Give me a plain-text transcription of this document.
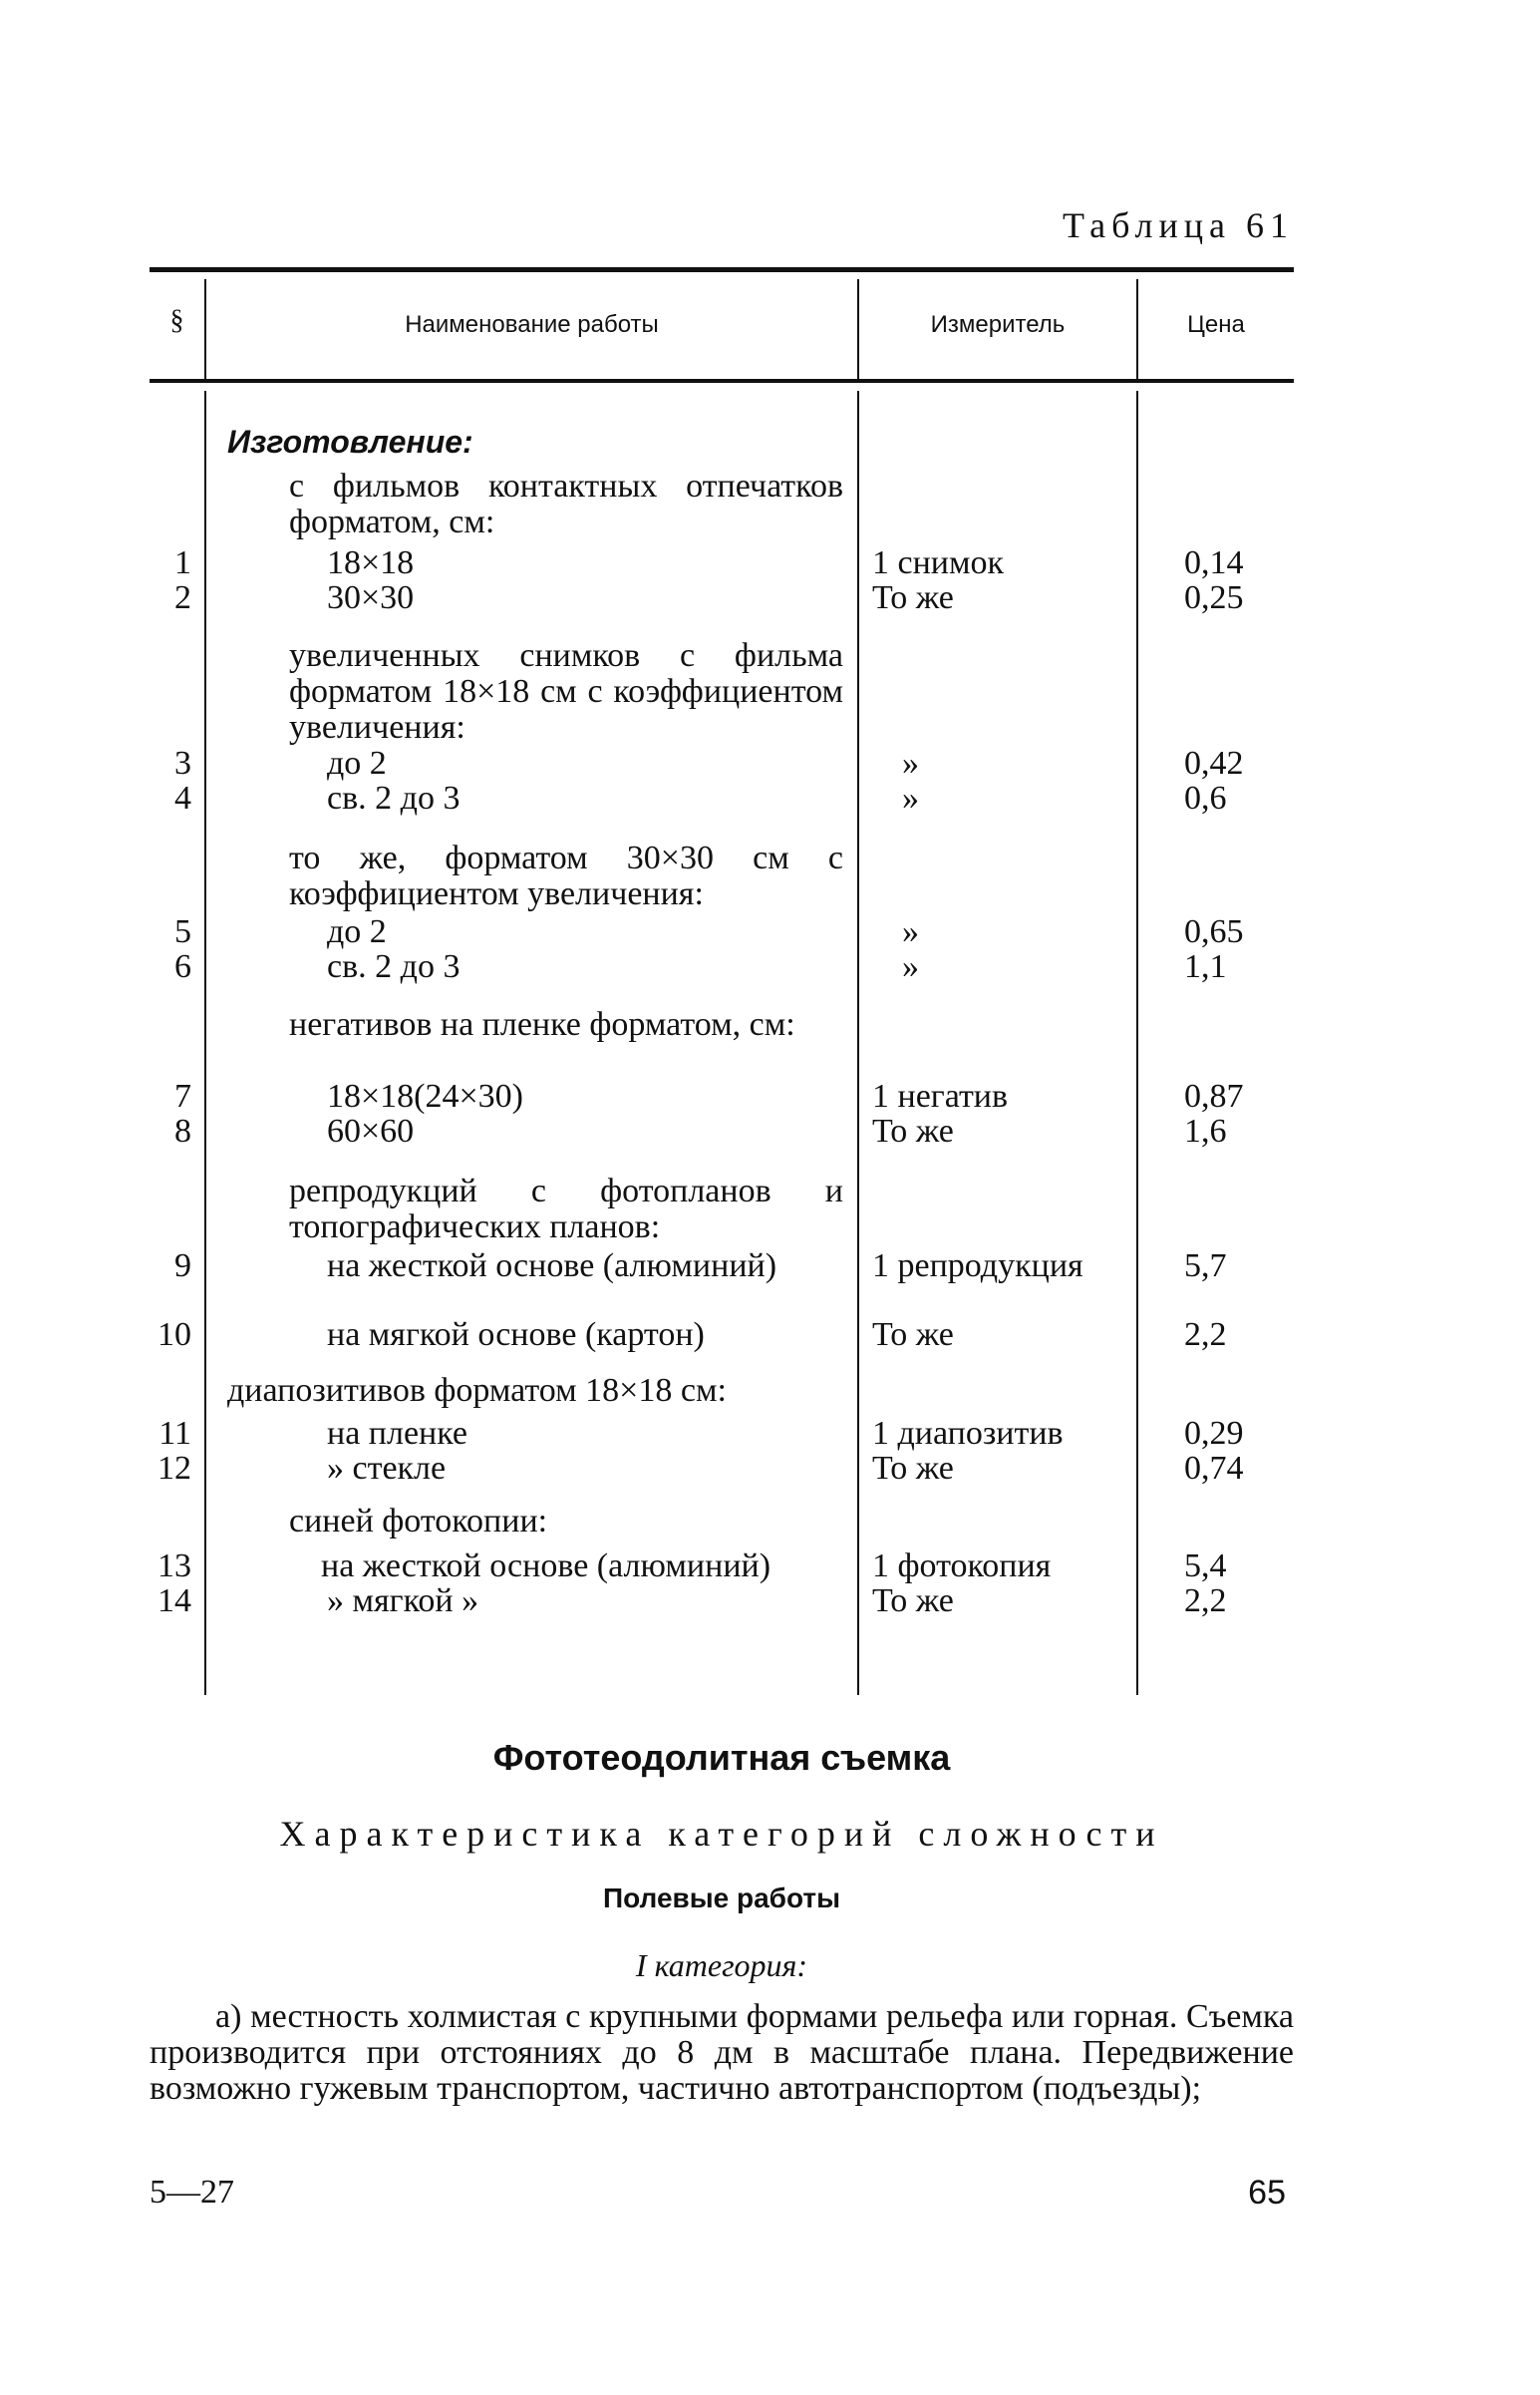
Таблица 61
§	Наименование работы	Измеритель	Цена
Изготовление:
с фильмов контактных отпечатков форматом, см:
1	18×18	1 снимок	0,14
2	30×30	То же	0,25
увеличенных снимков с фильма форматом 18×18 см с коэффициентом увеличения:
3	до 2	»	0,42
4	св. 2 до 3	»	0,6
то же, форматом 30×30 см с коэффициентом увеличения:
5	до 2	»	0,65
6	св. 2 до 3	»	1,1
негативов на пленке форматом, см:
7	18×18(24×30)	1 негатив	0,87
8	60×60	То же	1,6
репродукций с фотопланов и топографических планов:
9	на жесткой основе (алюминий)	1 репродукция	5,7
10	на мягкой основе (картон)	То же	2,2
диапозитивов форматом 18×18 см:
11	на пленке	1 диапозитив	0,29
12	» стекле	То же	0,74
синей фотокопии:
13	на жесткой основе (алюминий)	1 фотокопия	5,4
14	» мягкой »	То же	2,2
Фототеодолитная съемка
Характеристика категорий сложности
Полевые работы
I категория:
а) местность холмистая с крупными формами рельефа или горная. Съемка производится при отстояниях до 8 дм в масштабе плана. Передвижение возможно гужевым транспортом, частично автотранспортом (подъезды);
5—27	65
